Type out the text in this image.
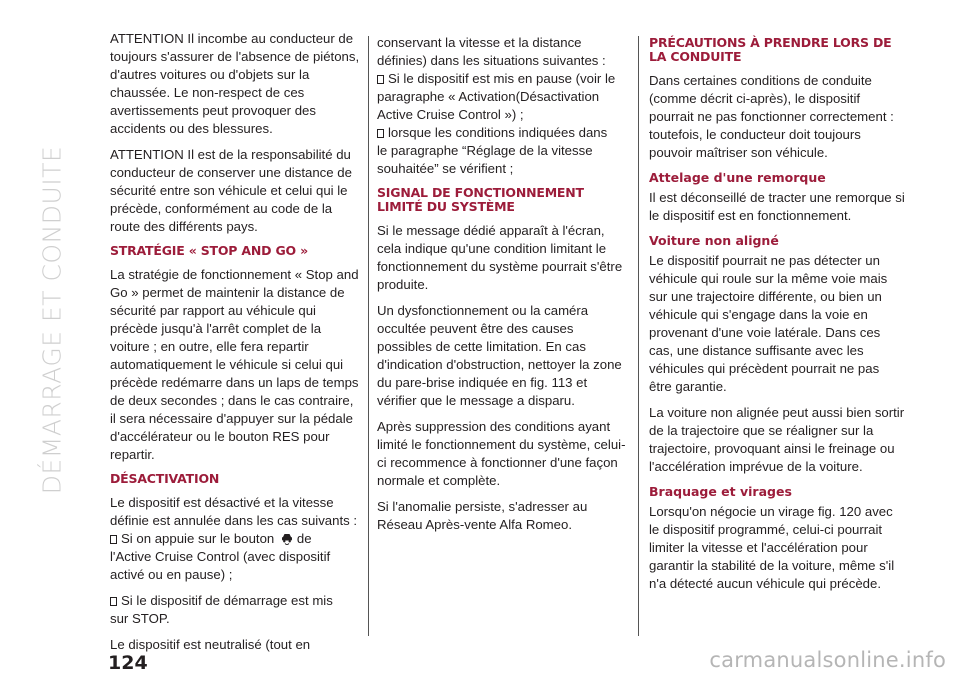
DÉMARRAGE ET CONDUITE

ATTENTION Il incombe au conducteur de toujours s'assurer de l'absence de piétons, d'autres voitures ou d'objets sur la chaussée. Le non-respect de ces avertissements peut provoquer des accidents ou des blessures.

ATTENTION Il est de la responsabilité du conducteur de conserver une distance de sécurité entre son véhicule et celui qui le précède, conformément au code de la route des différents pays.

STRATÉGIE « STOP AND GO »

La stratégie de fonctionnement « Stop and Go » permet de maintenir la distance de sécurité par rapport au véhicule qui précède jusqu'à l'arrêt complet de la voiture ; en outre, elle fera repartir automatiquement le véhicule si celui qui précède redémarre dans un laps de temps de deux secondes ; dans le cas contraire, il sera nécessaire d'appuyer sur la pédale d'accélérateur ou le bouton RES pour repartir.

DÉSACTIVATION

Le dispositif est désactivé et la vitesse définie est annulée dans les cas suivants :

Si on appuie sur le bouton de

l'Active Cruise Control (avec dispositif activé ou en pause) ;

Si le dispositif de démarrage est mis

sur STOP.

Le dispositif est neutralisé (tout en

conservant la vitesse et la distance définies) dans les situations suivantes :

Si le dispositif est mis en pause (voir le

paragraphe « Activation(Désactivation Active Cruise Control ») ;

lorsque les conditions indiquées dans

le paragraphe “Réglage de la vitesse souhaitée” se vérifient ;

SIGNAL DE FONCTIONNEMENT LIMITÉ DU SYSTÈME

Si le message dédié apparaît à l'écran, cela indique qu'une condition limitant le fonctionnement du système pourrait s'être produite.

Un dysfonctionnement ou la caméra occultée peuvent être des causes possibles de cette limitation. En cas d'indication d'obstruction, nettoyer la zone du pare-brise indiquée en fig. 113 et vérifier que le message a disparu.

Après suppression des conditions ayant limité le fonctionnement du système, celui-ci recommence à fonctionner d'une façon normale et complète.

Si l'anomalie persiste, s'adresser au Réseau Après-vente Alfa Romeo.

PRÉCAUTIONS À PRENDRE LORS DE LA CONDUITE

Dans certaines conditions de conduite (comme décrit ci-après), le dispositif pourrait ne pas fonctionner correctement : toutefois, le conducteur doit toujours pouvoir maîtriser son véhicule.

Attelage d'une remorque

Il est déconseillé de tracter une remorque si le dispositif est en fonctionnement.

Voiture non aligné

Le dispositif pourrait ne pas détecter un véhicule qui roule sur la même voie mais sur une trajectoire différente, ou bien un véhicule qui s'engage dans la voie en provenant d'une voie latérale. Dans ces cas, une distance suffisante avec les véhicules qui précèdent pourrait ne pas être garantie.

La voiture non alignée peut aussi bien sortir de la trajectoire que se réaligner sur la trajectoire, provoquant ainsi le freinage ou l'accélération imprévue de la voiture.

Braquage et virages

Lorsqu'on négocie un virage fig. 120 avec le dispositif programmé, celui-ci pourrait limiter la vitesse et l'accélération pour garantir la stabilité de la voiture, même s'il n'a détecté aucun véhicule qui précède.

124	carmanualsonline.info
